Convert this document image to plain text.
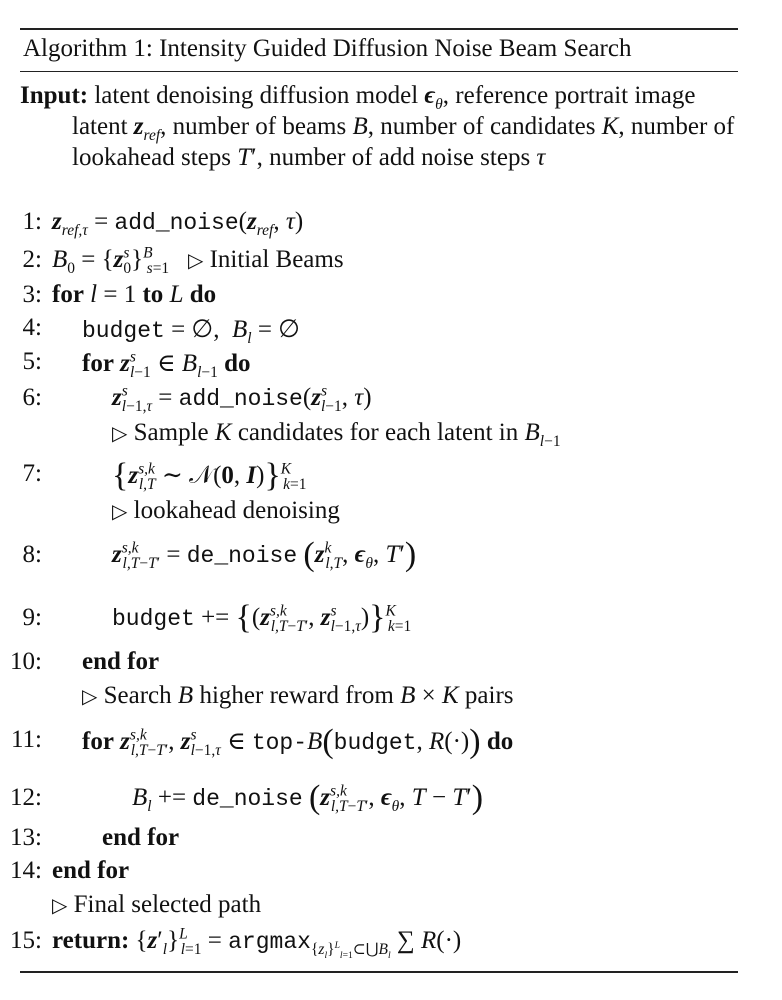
Algorithm 1: Intensity Guided Diffusion Noise Beam Search
Input: latent denoising diffusion model $\epsilon_\theta$, reference portrait image latent $z_{ref}$, number of beams B, number of candidates K, number of lookahead steps T′, number of add noise steps τ
1: $z_{ref,\tau}$ = $add\_noise(z_{ref}$, τ)
2: $B_0 = \{z^s_0\}^B_{s=1}$ ▷ Initial Beams
3: for l = 1 to L do
4: budget = ∅,  $B_l$ = ∅
5: for $z^s_{l-1}$ ∈ $B_{l-1}$ do
6:	$z^s_{l-1,\tau}$ = $add\_noise(z^s_{l-1}$, τ)
▷ Sample K candidates for each latent in $B_{l-1}$
7: {$z^{s,k}_{l,T}$ ∼ 𝒩(0, I)}$^K_{k=1}$
▷ lookahead denoising
8:	$z^{s,k}_{l,T-T'}$ = de_noise ($z^k_{l,T}$, $\epsilon_\theta$, T′)
9:	budget += {($z^{s,k}_{l,T-T'}$, $z^s_{l-1,\tau})\}^K_{k=1}$
10: end for
▷ Search B higher reward from B × K pairs
11: for $z^{s,k}_{l,T-T'}$, $z^s_{l-1,\tau}$ ∈ top-B(budget, R(·)) do
12:	$B_l$ += de_noise ($z^{s,k}_{l,T-T'}$, $\epsilon_\theta$, T − T′)
13: end for
14: end for
▷ Final selected path
15: return: $\{z'_l\}^L_{l=1} = argmax_{\{z_l\}^L_{l=1}\subset⋃B_l}$ ∑ R(·)
